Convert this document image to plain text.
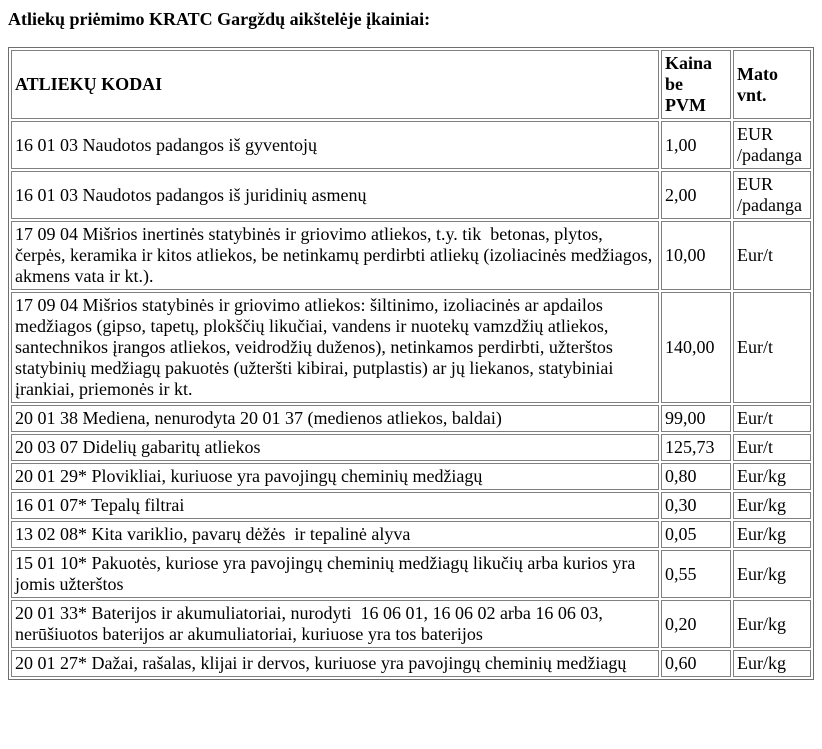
Atliekų priėmimo KRATC Gargždų aikštelėje įkainiai:

ATLIEKŲ KODAI	Kaina be PVM	Mato vnt.
16 01 03 Naudotos padangos iš gyventojų	1,00	EUR /padanga
16 01 03 Naudotos padangos iš juridinių asmenų	2,00	EUR /padanga
17 09 04 Mišrios inertinės statybinės ir griovimo atliekos, t.y. tik  betonas, plytos, čerpės, keramika ir kitos atliekos, be netinkamų perdirbti atliekų (izoliacinės medžiagos, akmens vata ir kt.).	10,00	Eur/t
17 09 04 Mišrios statybinės ir griovimo atliekos: šiltinimo, izoliacinės ar apdailos medžiagos (gipso, tapetų, plokščių likučiai, vandens ir nuotekų vamzdžių atliekos, santechnikos įrangos atliekos, veidrodžių duženos), netinkamos perdirbti, užterštos statybinių medžiagų pakuotės (užteršti kibirai, putplastis) ar jų liekanos, statybiniai įrankiai, priemonės ir kt.	140,00	Eur/t
20 01 38 Mediena, nenurodyta 20 01 37 (medienos atliekos, baldai)	99,00	Eur/t
20 03 07 Didelių gabaritų atliekos	125,73	Eur/t
20 01 29* Plovikliai, kuriuose yra pavojingų cheminių medžiagų	0,80	Eur/kg
16 01 07* Tepalų filtrai	0,30	Eur/kg
13 02 08* Kita variklio, pavarų dėžės  ir tepalinė alyva	0,05	Eur/kg
15 01 10* Pakuotės, kuriose yra pavojingų cheminių medžiagų likučių arba kurios yra jomis užterštos	0,55	Eur/kg
20 01 33* Baterijos ir akumuliatoriai, nurodyti  16 06 01, 16 06 02 arba 16 06 03, nerūšiuotos baterijos ar akumuliatoriai, kuriuose yra tos baterijos	0,20	Eur/kg
20 01 27* Dažai, rašalas, klijai ir dervos, kuriuose yra pavojingų cheminių medžiagų	0,60	Eur/kg
